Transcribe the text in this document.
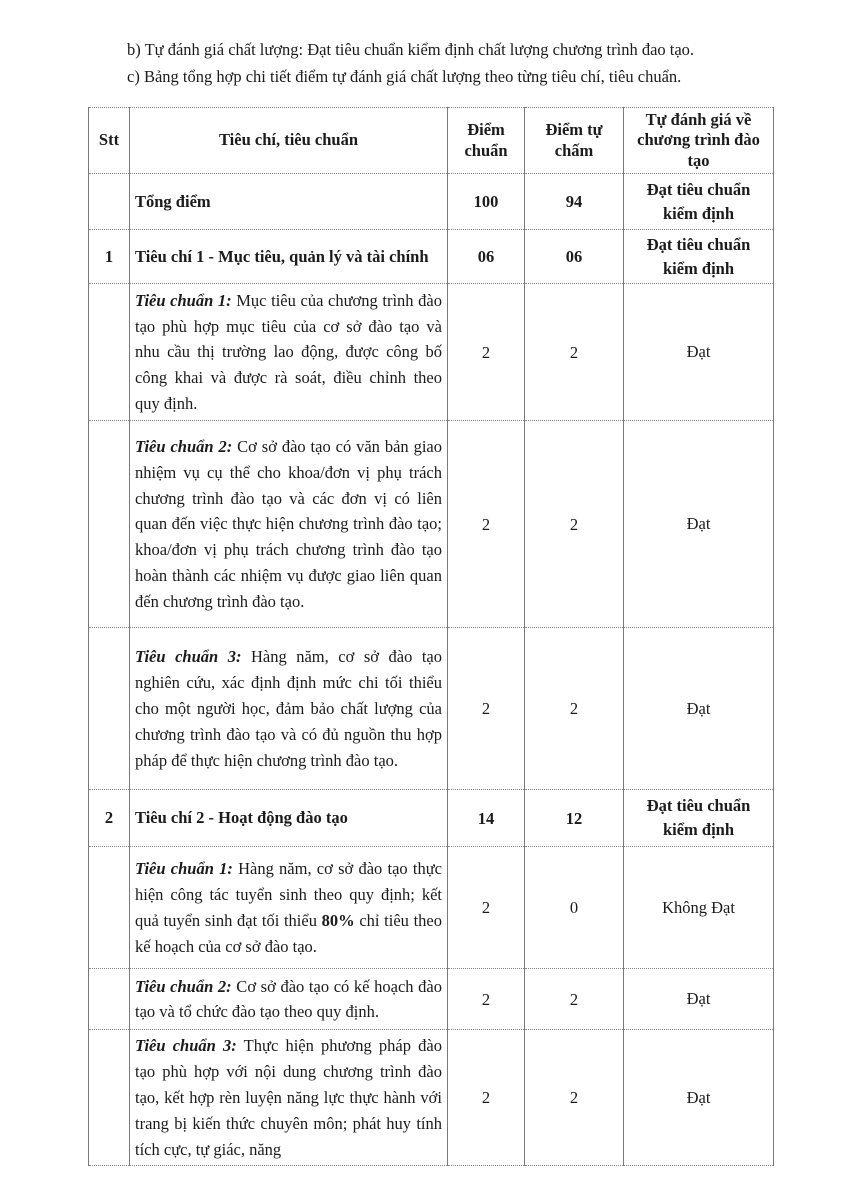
b) Tự đánh giá chất lượng: Đạt tiêu chuẩn kiểm định chất lượng chương trình đao tạo.
c) Bảng tổng hợp chi tiết điểm tự đánh giá chất lượng theo từng tiêu chí, tiêu chuẩn.
Stt	Tiêu chí, tiêu chuẩn	Điểm chuẩn	Điểm tự chấm	Tự đánh giá về chương trình đào tạo
	Tổng điểm	100	94	Đạt tiêu chuẩn kiểm định
1	Tiêu chí 1 - Mục tiêu, quản lý và tài chính	06	06	Đạt tiêu chuẩn kiểm định
	Tiêu chuẩn 1: Mục tiêu của chương trình đào tạo phù hợp mục tiêu của cơ sở đào tạo và nhu cầu thị trường lao động, được công bố công khai và được rà soát, điều chỉnh theo quy định.	2	2	Đạt
	Tiêu chuẩn 2: Cơ sở đào tạo có văn bản giao nhiệm vụ cụ thể cho khoa/đơn vị phụ trách chương trình đào tạo và các đơn vị có liên quan đến việc thực hiện chương trình đào tạo; khoa/đơn vị phụ trách chương trình đào tạo hoàn thành các nhiệm vụ được giao liên quan đến chương trình đào tạo.	2	2	Đạt
	Tiêu chuẩn 3: Hàng năm, cơ sở đào tạo nghiên cứu, xác định định mức chi tối thiểu cho một người học, đảm bảo chất lượng của chương trình đào tạo và có đủ nguồn thu hợp pháp để thực hiện chương trình đào tạo.	2	2	Đạt
2	Tiêu chí 2 - Hoạt động đào tạo	14	12	Đạt tiêu chuẩn kiểm định
	Tiêu chuẩn 1: Hàng năm, cơ sở đào tạo thực hiện công tác tuyển sinh theo quy định; kết quả tuyển sinh đạt tối thiểu 80% chỉ tiêu theo kế hoạch của cơ sở đào tạo.	2	0	Không Đạt
	Tiêu chuẩn 2: Cơ sở đào tạo có kế hoạch đào tạo và tổ chức đào tạo theo quy định.	2	2	Đạt
	Tiêu chuẩn 3: Thực hiện phương pháp đào tạo phù hợp với nội dung chương trình đào tạo, kết hợp rèn luyện năng lực thực hành với trang bị kiến thức chuyên môn; phát huy tính tích cực, tự giác, năng	2	2	Đạt
